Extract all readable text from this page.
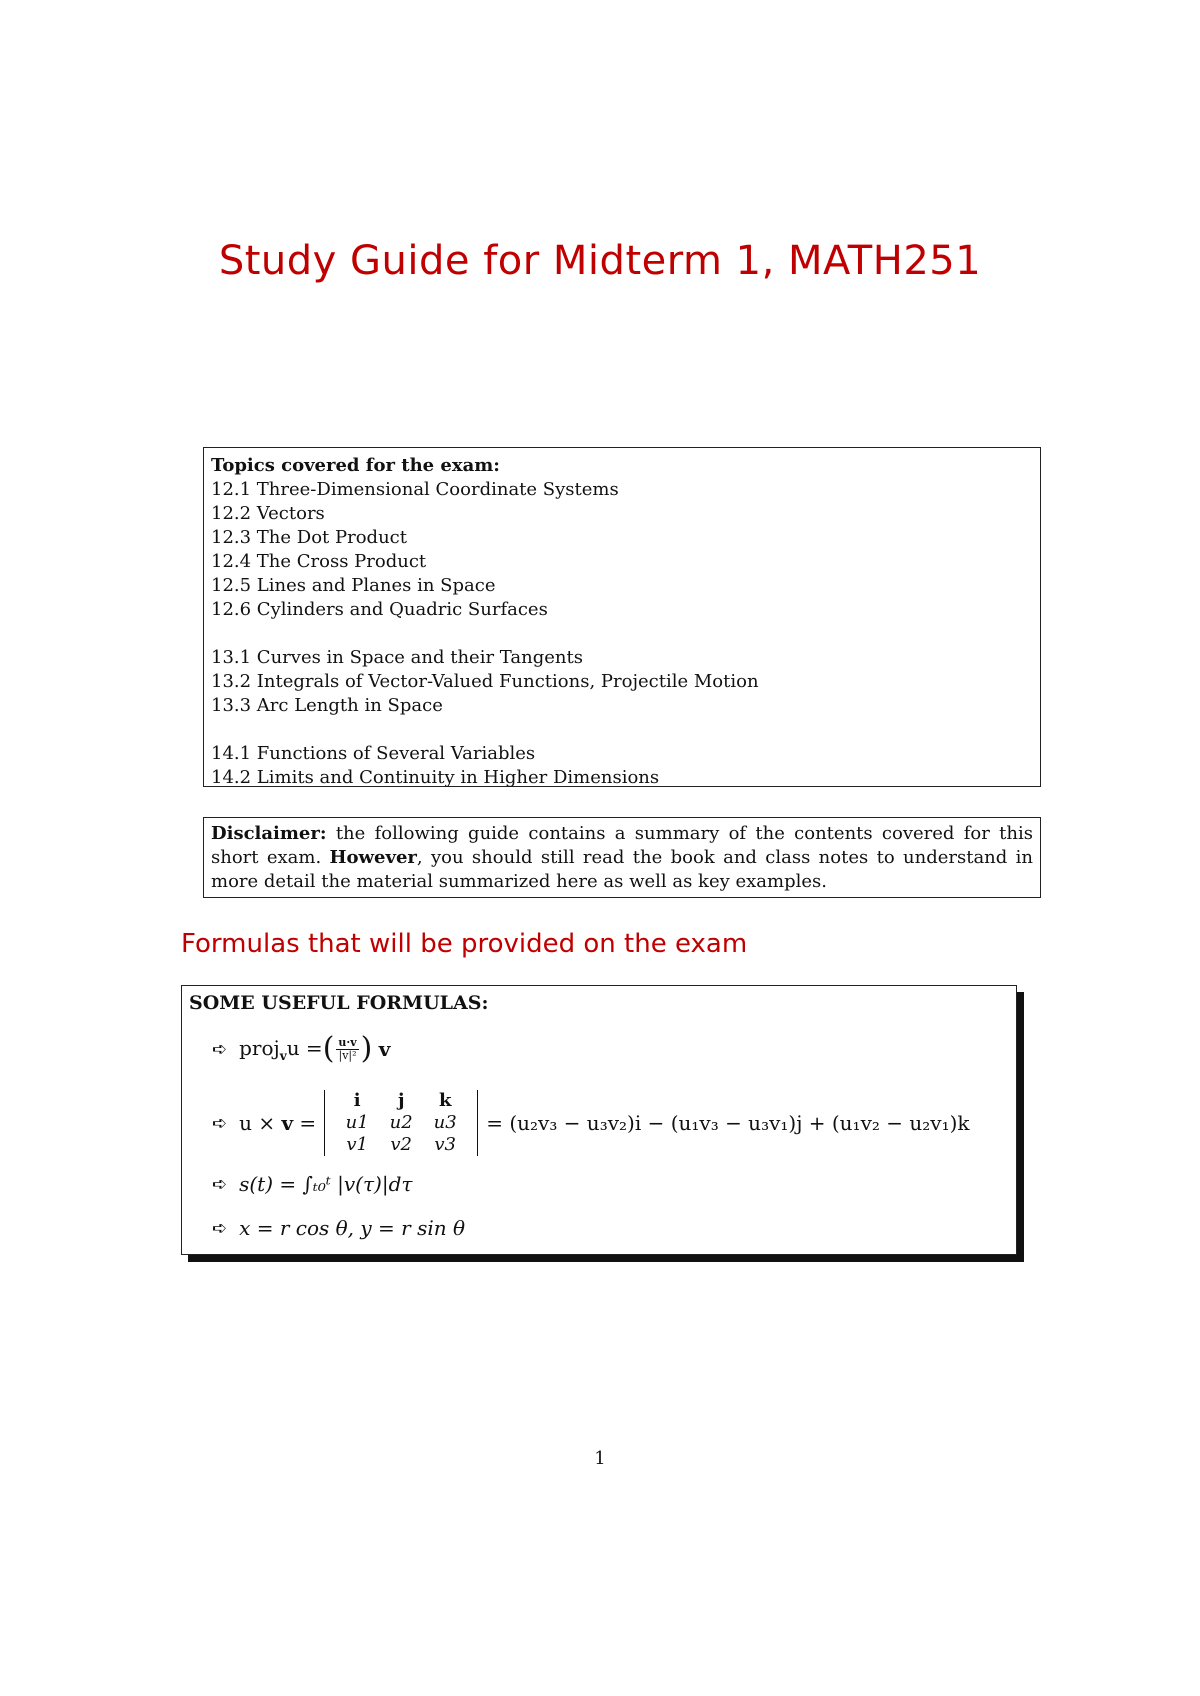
Study Guide for Midterm 1, MATH251
Topics covered for the exam:
12.1 Three-Dimensional Coordinate Systems
12.2 Vectors
12.3 The Dot Product
12.4 The Cross Product
12.5 Lines and Planes in Space
12.6 Cylinders and Quadric Surfaces
13.1 Curves in Space and their Tangents
13.2 Integrals of Vector-Valued Functions, Projectile Motion
13.3 Arc Length in Space
14.1 Functions of Several Variables
14.2 Limits and Continuity in Higher Dimensions
Disclaimer: the following guide contains a summary of the contents covered for this short exam. However, you should still read the book and class notes to understand in more detail the material summarized here as well as key examples.
Formulas that will be provided on the exam
SOME USEFUL FORMULAS:
➪ proj$_v$u = ( $\frac{u\cdot v}{\text{|v|²}}$ ) v
➪ u × v =
i	j	k
u1	u2	u3
v1	v2	v3
= (u₂v₃ − u₃v₂)i − (u₁v₃ − u₃v₁)j + (u₁v₂ − u₂v₁)k
➪ s(t) = ∫ₜ₀ᵗ |v(τ)|dτ
➪ x = r cos θ, y = r sin θ
1
